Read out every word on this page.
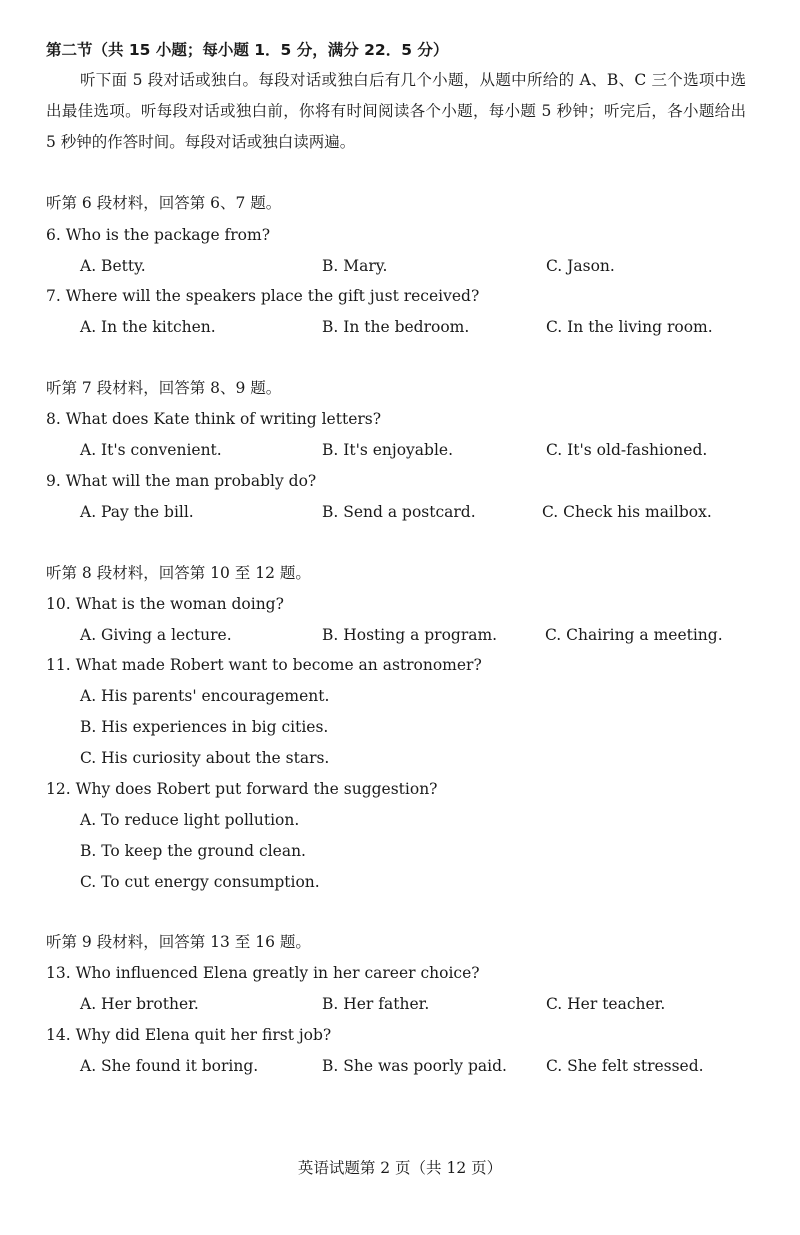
第二节（共 15 小题；每小题 1．5 分，满分 22．5 分）
听下面 5 段对话或独白。每段对话或独白后有几个小题，从题中所给的 A、B、C 三个选项中选出最佳选项。听每段对话或独白前，你将有时间阅读各个小题，每小题 5 秒钟；听完后，各小题给出 5 秒钟的作答时间。每段对话或独白读两遍。
听第 6 段材料，回答第 6、7 题。
6. Who is the package from?
A. Betty.	B. Mary.	C. Jason.
7. Where will the speakers place the gift just received?
A. In the kitchen.	B. In the bedroom.	C. In the living room.
听第 7 段材料，回答第 8、9 题。
8. What does Kate think of writing letters?
A. It's convenient.	B. It's enjoyable.	C. It's old-fashioned.
9. What will the man probably do?
A. Pay the bill.	B. Send a postcard.	C. Check his mailbox.
听第 8 段材料，回答第 10 至 12 题。
10. What is the woman doing?
A. Giving a lecture.	B. Hosting a program.	C. Chairing a meeting.
11. What made Robert want to become an astronomer?
A. His parents' encouragement.
B. His experiences in big cities.
C. His curiosity about the stars.
12. Why does Robert put forward the suggestion?
A. To reduce light pollution.
B. To keep the ground clean.
C. To cut energy consumption.
听第 9 段材料，回答第 13 至 16 题。
13. Who influenced Elena greatly in her career choice?
A. Her brother.	B. Her father.	C. Her teacher.
14. Why did Elena quit her first job?
A. She found it boring.	B. She was poorly paid.	C. She felt stressed.
英语试题第 2 页（共 12 页）
